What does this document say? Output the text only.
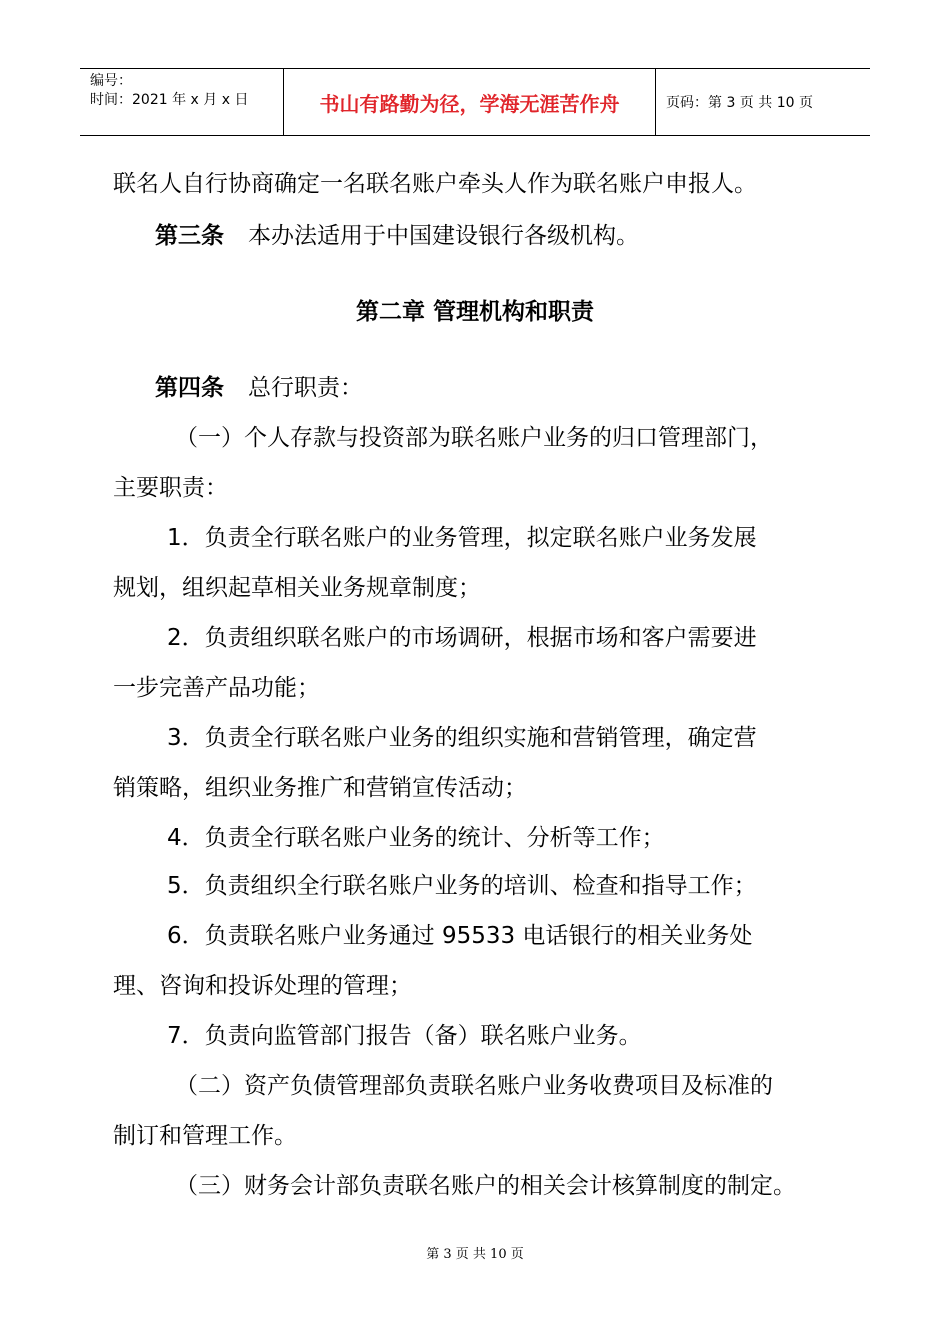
编号：
时间：2021 年 x 月 x 日	书山有路勤为径，学海无涯苦作舟	页码：第 3 页 共 10 页
联名人自行协商确定一名联名账户牵头人作为联名账户申报人。
第三条 本办法适用于中国建设银行各级机构。
第二章 管理机构和职责
第四条 总行职责：
（一）个人存款与投资部为联名账户业务的归口管理部门，
主要职责：
1．负责全行联名账户的业务管理，拟定联名账户业务发展
规划，组织起草相关业务规章制度；
2．负责组织联名账户的市场调研，根据市场和客户需要进
一步完善产品功能；
3．负责全行联名账户业务的组织实施和营销管理，确定营
销策略，组织业务推广和营销宣传活动；
4．负责全行联名账户业务的统计、分析等工作；
5．负责组织全行联名账户业务的培训、检查和指导工作；
6．负责联名账户业务通过 95533 电话银行的相关业务处
理、咨询和投诉处理的管理；
7．负责向监管部门报告（备）联名账户业务。
（二）资产负债管理部负责联名账户业务收费项目及标准的
制订和管理工作。
（三）财务会计部负责联名账户的相关会计核算制度的制定。
第 3 页 共 10 页
